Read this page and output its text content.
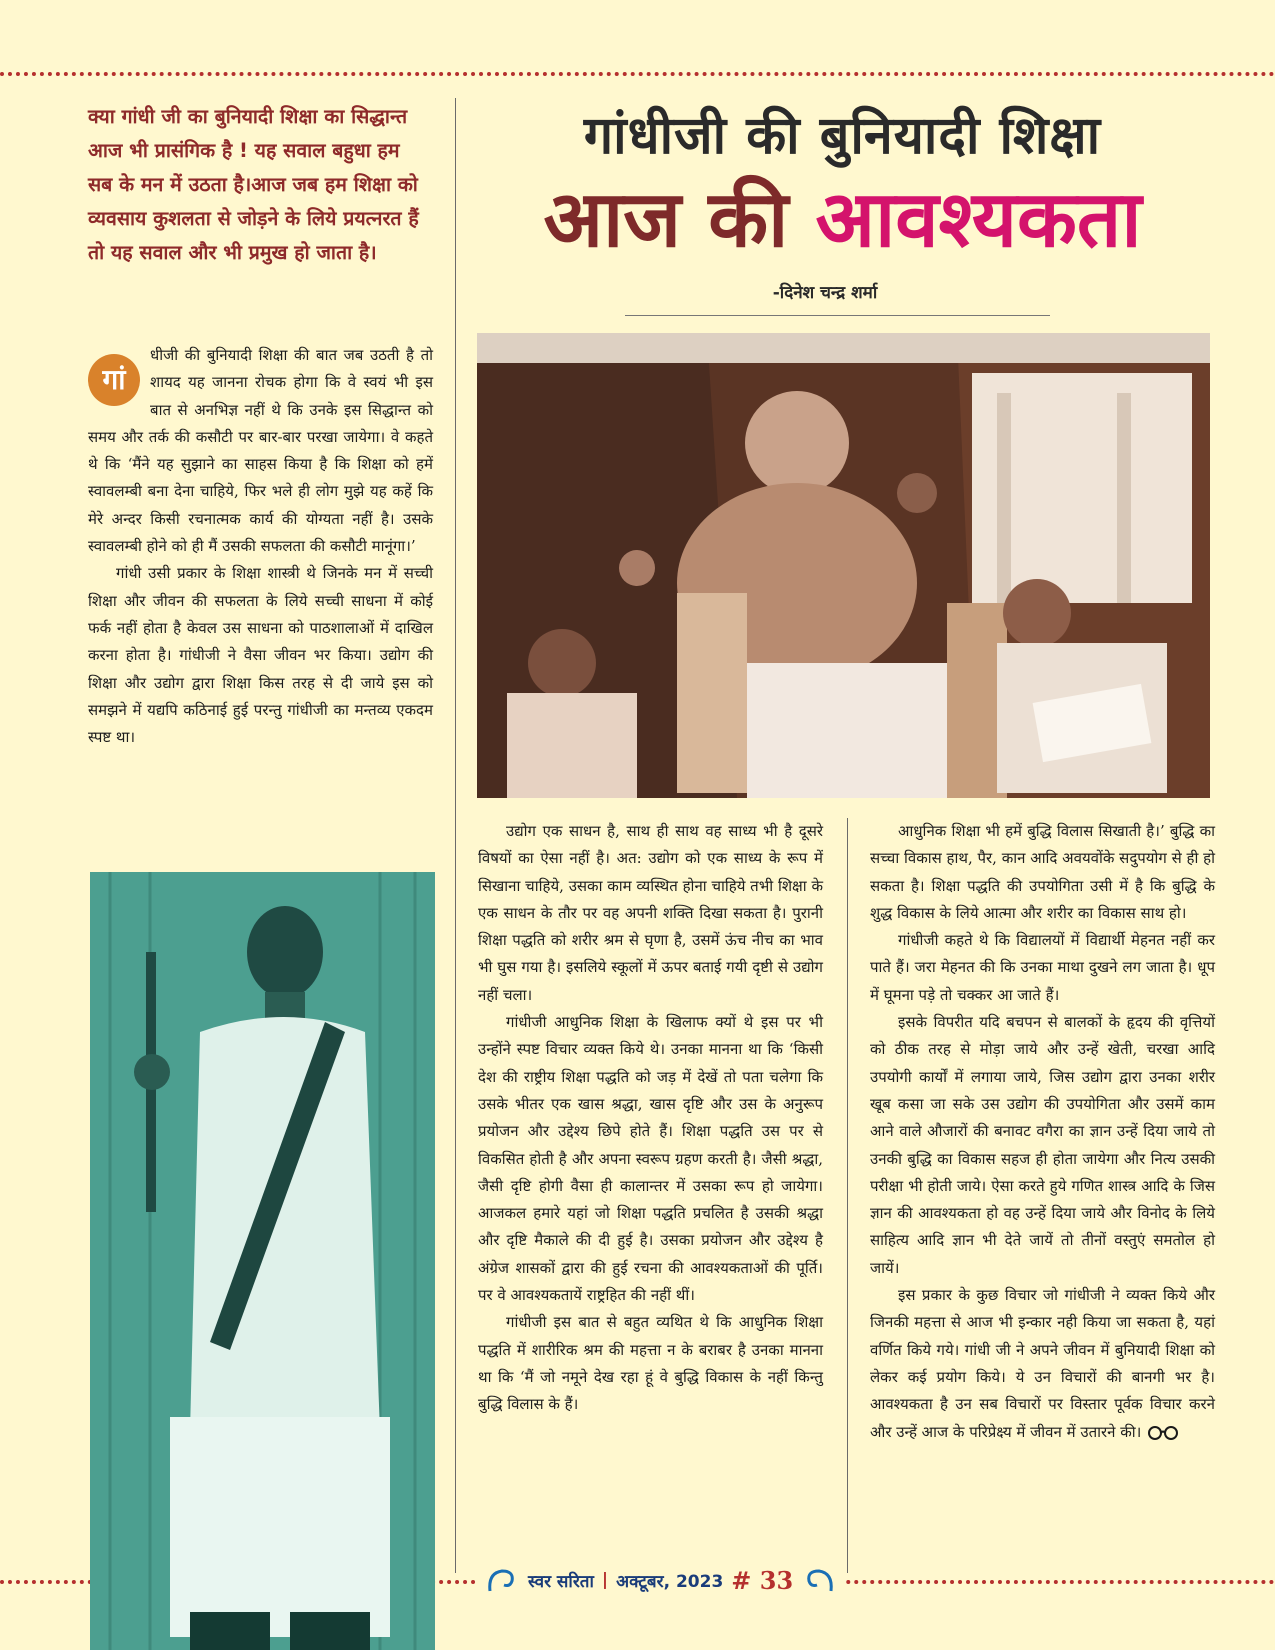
क्या गांधी जी का बुनियादी शिक्षा का सिद्धान्त आज भी प्रासंगिक है ! यह सवाल बहुधा हम सब के मन में उठता है।आज जब हम शिक्षा को व्यवसाय कुशलता से जोड़ने के लिये प्रयत्नरत हैं तो यह सवाल और भी प्रमुख हो जाता है।
गांधीजी की बुनियादी शिक्षा
आज की आवश्यकता
-दिनेश चन्द्र शर्मा
गां

धीजी की बुनियादी शिक्षा की बात जब उठती है तो शायद यह जानना रोचक होगा कि वे स्वयं भी इस बात से अनभिज्ञ नहीं थे कि उनके इस सिद्धान्त को समय और तर्क की कसौटी पर बार-बार परखा जायेगा। वे कहते थे कि ‘मैंने यह सुझाने का साहस किया है कि शिक्षा को हमें स्वावलम्बी बना देना चाहिये, फिर भले ही लोग मुझे यह कहें कि मेरे अन्दर किसी रचनात्मक कार्य की योग्यता नहीं है। उसके स्वावलम्बी होने को ही मैं उसकी सफलता की कसौटी मानूंगा।’

गांधी उसी प्रकार के शिक्षा शास्त्री थे जिनके मन में सच्ची शिक्षा और जीवन की सफलता के लिये सच्ची साधना में कोई फर्क नहीं होता है केवल उस साधना को पाठशालाओं में दाखिल करना होता है। गांधीजी ने वैसा जीवन भर किया। उद्योग की शिक्षा और उद्योग द्वारा शिक्षा किस तरह से दी जाये इस को समझने में यद्यपि कठिनाई हुई परन्तु गांधीजी का मन्तव्य एकदम स्पष्ट था।

उद्योग एक साधन है, साथ ही साथ वह साध्य भी है दूसरे विषयों का ऐसा नहीं है। अत: उद्योग को एक साध्य के रूप में सिखाना चाहिये, उसका काम व्यस्थित होना चाहिये तभी शिक्षा के एक साधन के तौर पर वह अपनी शक्ति दिखा सकता है। पुरानी शिक्षा पद्धति को शरीर श्रम से घृणा है, उसमें ऊंच नीच का भाव भी घुस गया है। इसलिये स्कूलों में ऊपर बताई गयी दृष्टी से उद्योग नहीं चला।

गांधीजी आधुनिक शिक्षा के खिलाफ क्यों थे इस पर भी उन्होंने स्पष्ट विचार व्यक्त किये थे। उनका मानना था कि ‘किसी देश की राष्ट्रीय शिक्षा पद्धति को जड़ में देखें तो पता चलेगा कि उसके भीतर एक खास श्रद्धा, खास दृष्टि और उस के अनुरूप प्रयोजन और उद्देश्य छिपे होते हैं। शिक्षा पद्धति उस पर से विकसित होती है और अपना स्वरूप ग्रहण करती है। जैसी श्रद्धा, जैसी दृष्टि होगी वैसा ही कालान्तर में उसका रूप हो जायेगा। आजकल हमारे यहां जो शिक्षा पद्धति प्रचलित है उसकी श्रद्धा और दृष्टि मैकाले की दी हुई है। उसका प्रयोजन और उद्देश्य है अंग्रेज शासकों द्वारा की हुई रचना की आवश्यकताओं की पूर्ति। पर वे आवश्यकतायें राष्ट्रहित की नहीं थीं।

गांधीजी इस बात से बहुत व्यथित थे कि आधुनिक शिक्षा पद्धति में शारीरिक श्रम की महत्ता न के बराबर है उनका मानना था कि ‘मैं जो नमूने देख रहा हूं वे बुद्धि विकास के नहीं किन्तु बुद्धि विलास के हैं।

आधुनिक शिक्षा भी हमें बुद्धि विलास सिखाती है।’ बुद्धि का सच्चा विकास हाथ, पैर, कान आदि अवयवोंके सदुपयोग से ही हो सकता है। शिक्षा पद्धति की उपयोगिता उसी में है कि बुद्धि के शुद्ध विकास के लिये आत्मा और शरीर का विकास साथ हो।

गांधीजी कहते थे कि विद्यालयों में विद्यार्थी मेहनत नहीं कर पाते हैं। जरा मेहनत की कि उनका माथा दुखने लग जाता है। धूप में घूमना पड़े तो चक्कर आ जाते हैं।

इसके विपरीत यदि बचपन से बालकों के हृदय की वृत्तियों को ठीक तरह से मोड़ा जाये और उन्हें खेती, चरखा आदि उपयोगी कार्यों में लगाया जाये, जिस उद्योग द्वारा उनका शरीर खूब कसा जा सके उस उद्योग की उपयोगिता और उसमें काम आने वाले औजारों की बनावट वगैरा का ज्ञान उन्हें दिया जाये तो उनकी बुद्धि का विकास सहज ही होता जायेगा और नित्य उसकी परीक्षा भी होती जाये। ऐसा करते हुये गणित शास्त्र आदि के जिस ज्ञान की आवश्यकता हो वह उन्हें दिया जाये और विनोद के लिये साहित्य आदि ज्ञान भी देते जायें तो तीनों वस्तुएं समतोल हो जायें।

इस प्रकार के कुछ विचार जो गांधीजी ने व्यक्त किये और जिनकी महत्ता से आज भी इन्कार नही किया जा सकता है, यहां वर्णित किये गये। गांधी जी ने अपने जीवन में बुनियादी शिक्षा को लेकर कई प्रयोग किये। ये उन विचारों की बानगी भर है। आवश्यकता है उन सब विचारों पर विस्तार पूर्वक विचार करने और उन्हें आज के परिप्रेक्ष्य में जीवन में उतारने की।

स्वर सरिता | अक्टूबर, 2023 # 33
